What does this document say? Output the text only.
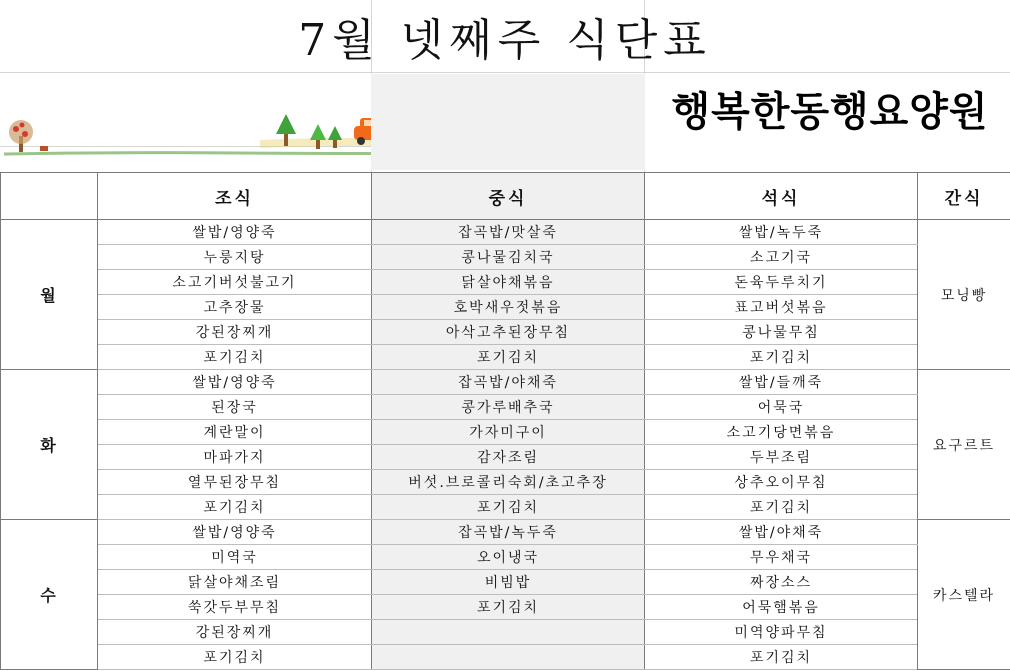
7월 넷째주 식단표
행복한동행요양원
	조식	중식	석식	간식
월	쌀밥/영양죽	잡곡밥/맛살죽	쌀밥/녹두죽	모닝빵
	누룽지탕	콩나물김치국	소고기국	
	소고기버섯불고기	닭살야채볶음	돈육두루치기	
	고추장물	호박새우젓볶음	표고버섯볶음	
	강된장찌개	아삭고추된장무침	콩나물무침	
	포기김치	포기김치	포기김치	
화	쌀밥/영양죽	잡곡밥/야채죽	쌀밥/들깨죽	요구르트
	된장국	콩가루배추국	어묵국	
	계란말이	가자미구이	소고기당면볶음	
	마파가지	감자조림	두부조림	
	열무된장무침	버섯.브로콜리숙회/초고추장	상추오이무침	
	포기김치	포기김치	포기김치	
수	쌀밥/영양죽	잡곡밥/녹두죽	쌀밥/야채죽	카스텔라
	미역국	오이냉국	무우채국	
	닭살야채조림	비빔밥	짜장소스	
	쑥갓두부무침	포기김치	어묵햄볶음	
	강된장찌개		미역양파무침	
	포기김치		포기김치	
